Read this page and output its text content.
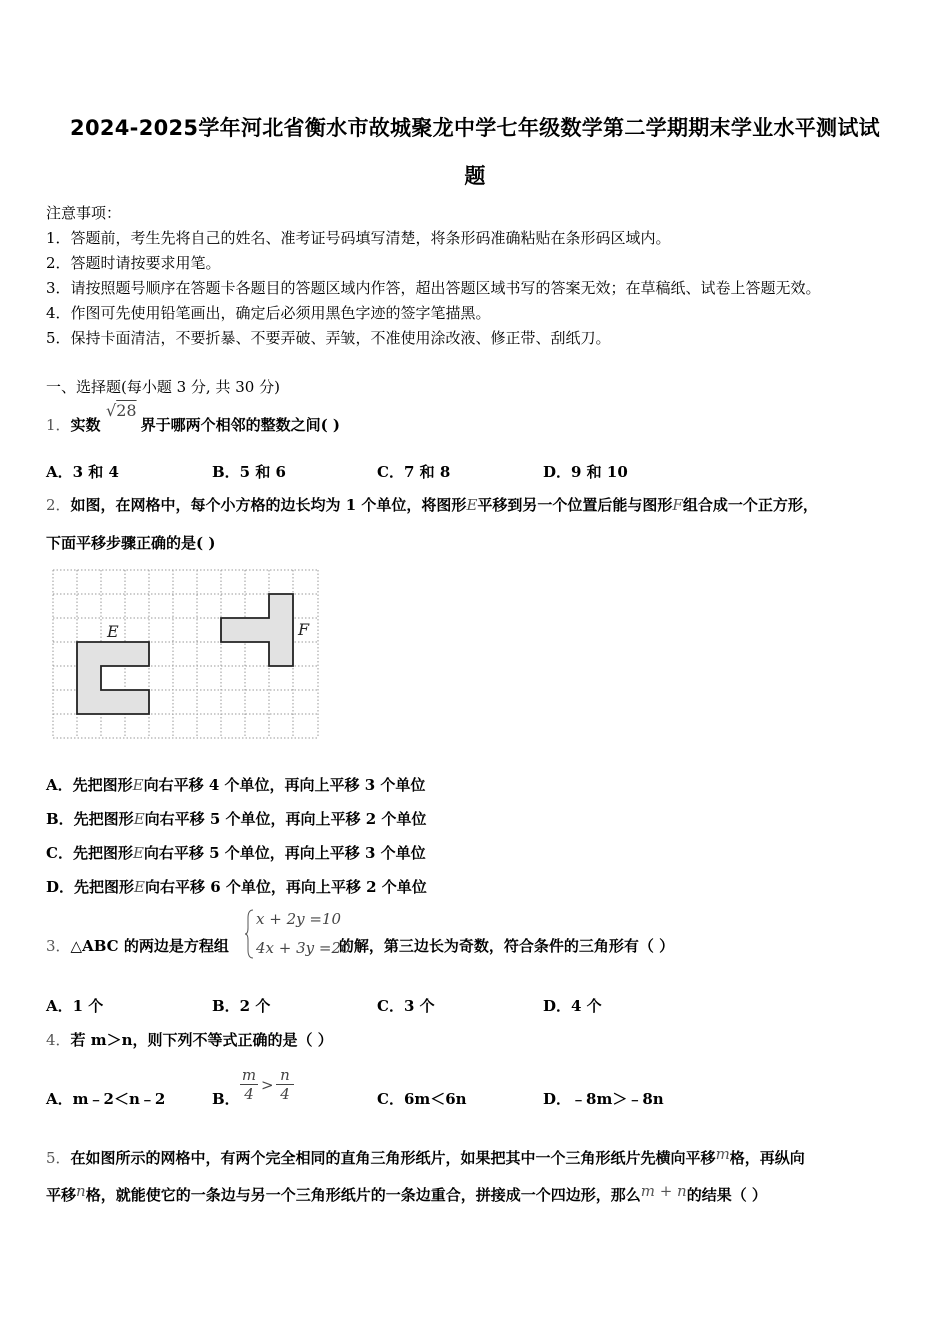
2024-2025学年河北省衡水市故城聚龙中学七年级数学第二学期期末学业水平测试试
题
注意事项：
1．答题前，考生先将自己的姓名、准考证号码填写清楚，将条形码准确粘贴在条形码区域内。
2．答题时请按要求用笔。
3．请按照题号顺序在答题卡各题目的答题区域内作答，超出答题区域书写的答案无效；在草稿纸、试卷上答题无效。
4．作图可先使用铅笔画出，确定后必须用黑色字迹的签字笔描黑。
5．保持卡面清洁，不要折暴、不要弄破、弄皱，不准使用涂改液、修正带、刮纸刀。
一、选择题(每小题 3 分, 共 30 分)
1．实数	界于哪两个相邻的整数之间( )
√28
A．3 和 4	B．5 和 6	C．7 和 8	D．9 和 10
2．如图，在网格中，每个小方格的边长均为 1 个单位，将图形E平移到另一个位置后能与图形F组合成一个正方形，
下面平移步骤正确的是( )
E	F
A．先把图形E向右平移 4 个单位，再向上平移 3 个单位
B．先把图形E向右平移 5 个单位，再向上平移 2 个单位
C．先把图形E向右平移 5 个单位，再向上平移 3 个单位
D．先把图形E向右平移 6 个单位，再向上平移 2 个单位
3．△ABC 的两边是方程组	的解，第三边长为奇数，符合条件的三角形有（ ）
x + 2y =10
4x + 3y =20
A．1 个	B．2 个	C．3 个	D．4 个
4．若 m＞n，则下列不等式正确的是（ ）
A．m﹣2＜n﹣2	B． $\frac{m}{4} > \frac{n}{4}$	C．6m＜6n	D．﹣8m＞﹣8n
5．在如图所示的网格中，有两个完全相同的直角三角形纸片，如果把其中一个三角形纸片先横向平移m格，再纵向
平移n格，就能使它的一条边与另一个三角形纸片的一条边重合，拼接成一个四边形，那么m + n的结果（ ）
